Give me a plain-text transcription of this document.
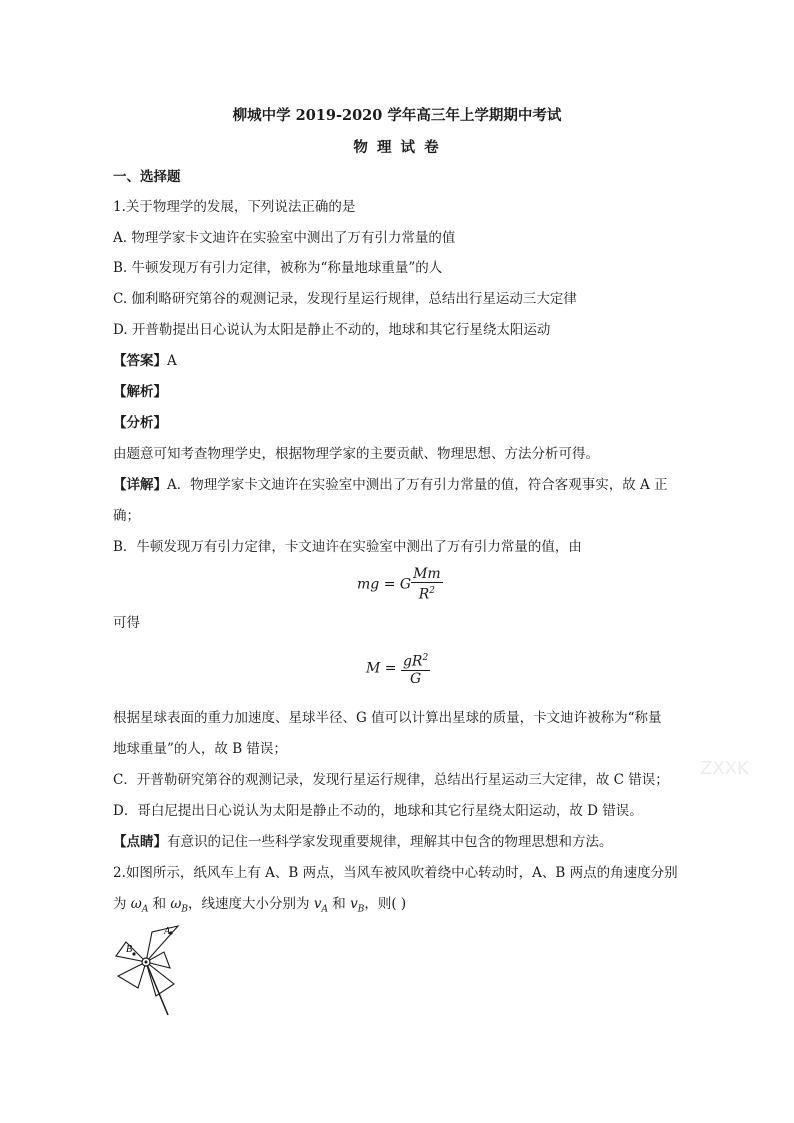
柳城中学 2019-2020 学年高三年上学期期中考试
物 理 试 卷
一、选择题
1.关于物理学的发展，下列说法正确的是
A. 物理学家卡文迪许在实验室中测出了万有引力常量的值
B. 牛顿发现万有引力定律，被称为“称量地球重量”的人
C. 伽利略研究第谷的观测记录，发现行星运行规律，总结出行星运动三大定律
D. 开普勒提出日心说认为太阳是静止不动的，地球和其它行星绕太阳运动
【答案】A
【解析】
【分析】
由题意可知考查物理学史，根据物理学家的主要贡献、物理思想、方法分析可得。
【详解】A．物理学家卡文迪许在实验室中测出了万有引力常量的值，符合客观事实，故 A 正
确；
B．牛顿发现万有引力定律，卡文迪许在实验室中测出了万有引力常量的值，由
mg = G $\frac{Mm}{R^2}$
可得
$M = \frac{gR^2}{G}$
根据星球表面的重力加速度、星球半径、G 值可以计算出星球的质量，卡文迪许被称为“称量
地球重量”的人，故 B 错误；
C．开普勒研究第谷的观测记录，发现行星运行规律，总结出行星运动三大定律，故 C 错误；
D．哥白尼提出日心说认为太阳是静止不动的，地球和其它行星绕太阳运动，故 D 错误。
【点睛】有意识的记住一些科学家发现重要规律，理解其中包含的物理思想和方法。
2.如图所示，纸风车上有 A、B 两点，当风车被风吹着绕中心转动时，A、B 两点的角速度分别
为 $\omega_A$ 和 $\omega_B$，线速度大小分别为 $v_A$ 和 $v_B$，则( )
A
B
ZXXK
